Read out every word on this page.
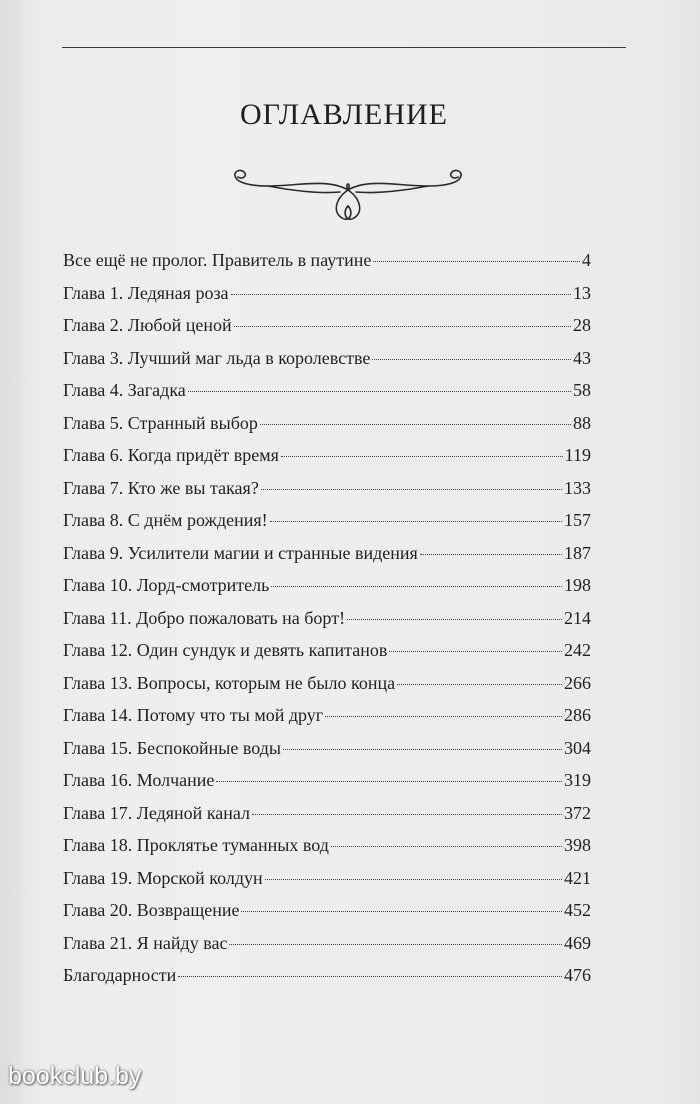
ОГЛАВЛЕНИЕ
Все ещё не пролог. Правитель в паутине	4
Глава 1. Ледяная роза	13
Глава 2. Любой ценой	28
Глава 3. Лучший маг льда в королевстве	43
Глава 4. Загадка	58
Глава 5. Странный выбор	88
Глава 6. Когда придёт время	119
Глава 7. Кто же вы такая?	133
Глава 8. С днём рождения!	157
Глава 9. Усилители магии и странные видения	187
Глава 10. Лорд-смотритель	198
Глава 11. Добро пожаловать на борт!	214
Глава 12. Один сундук и девять капитанов	242
Глава 13. Вопросы, которым не было конца	266
Глава 14. Потому что ты мой друг	286
Глава 15. Беспокойные воды	304
Глава 16. Молчание	319
Глава 17. Ледяной канал	372
Глава 18. Проклятье туманных вод	398
Глава 19. Морской колдун	421
Глава 20. Возвращение	452
Глава 21. Я найду вас	469
Благодарности	476
bookclub.by
